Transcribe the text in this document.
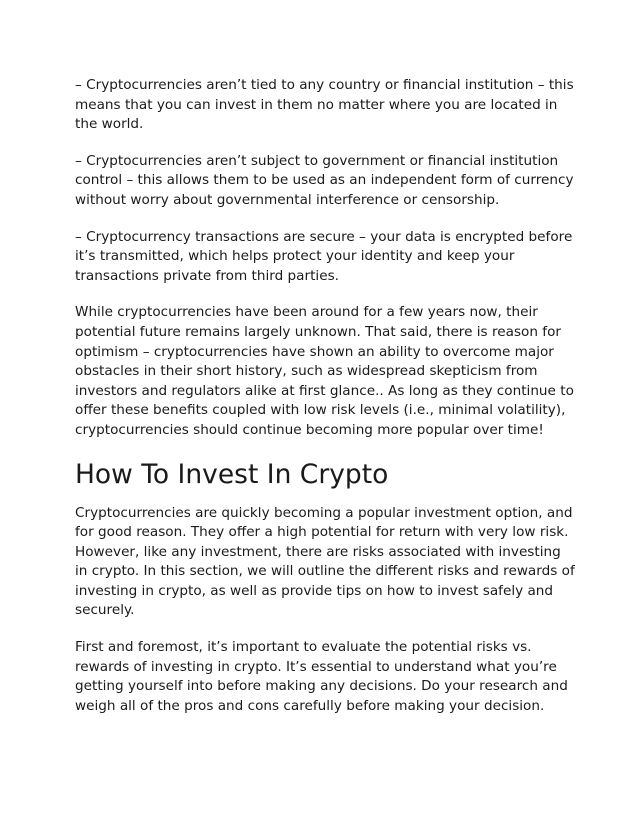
– Cryptocurrencies aren’t tied to any country or financial institution – this means that you can invest in them no matter where you are located in the world.

– Cryptocurrencies aren’t subject to government or financial institution control – this allows them to be used as an independent form of currency without worry about governmental interference or censorship.

– Cryptocurrency transactions are secure – your data is encrypted before it’s transmitted, which helps protect your identity and keep your transactions private from third parties.

While cryptocurrencies have been around for a few years now, their potential future remains largely unknown. That said, there is reason for optimism – cryptocurrencies have shown an ability to overcome major obstacles in their short history, such as widespread skepticism from investors and regulators alike at first glance.. As long as they continue to offer these benefits coupled with low risk levels (i.e., minimal volatility), cryptocurrencies should continue becoming more popular over time!

How To Invest In Crypto

Cryptocurrencies are quickly becoming a popular investment option, and for good reason. They offer a high potential for return with very low risk. However, like any investment, there are risks associated with investing in crypto. In this section, we will outline the different risks and rewards of investing in crypto, as well as provide tips on how to invest safely and securely.

First and foremost, it’s important to evaluate the potential risks vs. rewards of investing in crypto. It’s essential to understand what you’re getting yourself into before making any decisions. Do your research and weigh all of the pros and cons carefully before making your decision.
